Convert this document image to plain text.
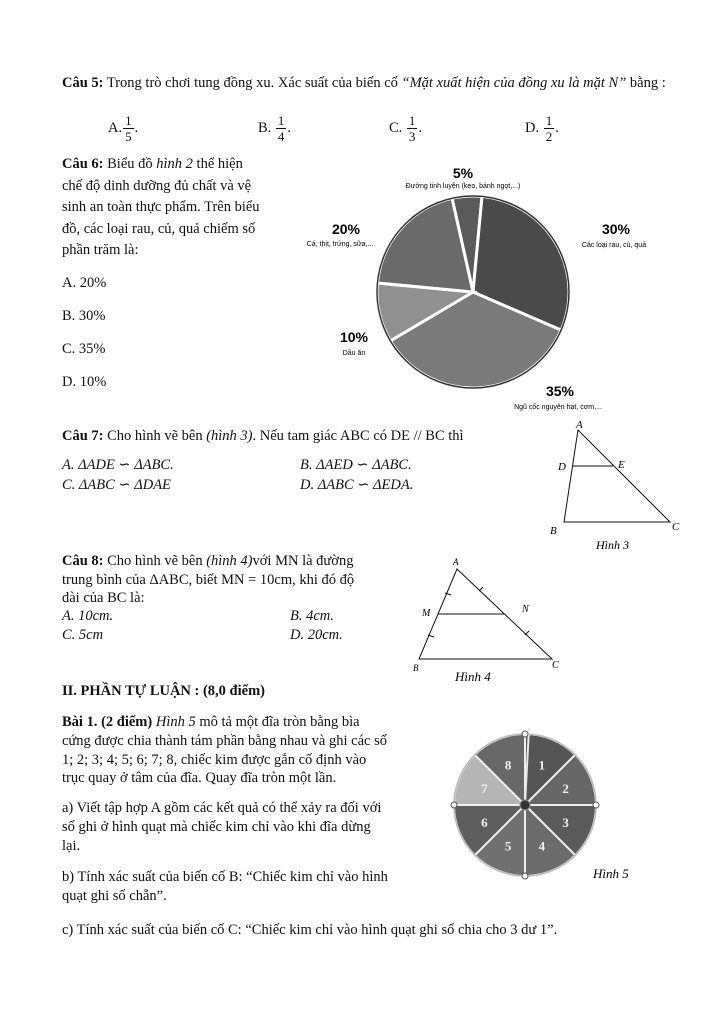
Câu 5: Trong trò chơi tung đồng xu. Xác suất của biến cố “Mặt xuất hiện của đồng xu là mặt N” bằng :
A. $\frac{1}{5}$ .	B. $\frac{1}{4}$ .	C. $\frac{1}{3}$ .	D. $\frac{1}{2}$ .
Câu 6: Biểu đồ hình 2 thể hiện
chế độ dinh dưỡng đủ chất và vệ
sinh an toàn thực phẩm. Trên biểu
đồ, các loại rau, củ, quả chiếm số
phần trăm là:
A. 20%
B. 30%
C. 35%
D. 10%
5%
Đường tinh luyện (kẹo, bánh ngọt,...)
30%
Các loại rau, củ, quả
35%
Ngũ cốc nguyên hạt, cơm,...
10%
Dầu ăn
20%
Cá, thịt, trứng, sữa,...
Câu 7: Cho hình vẽ bên (hình 3). Nếu tam giác ABC có DE // BC thì
A. ΔADE ∽ ΔABC.	B. ΔAED ∽ ΔABC.
C. ΔABC ∽ ΔDAE	D. ΔABC ∽ ΔEDA.
A
D	E
B	C
Hình 3
Câu 8: Cho hình vẽ bên (hình 4)với MN là đường
trung bình của ΔABC, biết MN = 10cm, khi đó độ
dài của BC là:
A. 10cm.	B. 4cm.
C. 5cm	D. 20cm.
A
M	N
B	C
Hình 4
II. PHẦN TỰ LUẬN : (8,0 điểm)
Bài 1. (2 điểm) Hình 5 mô tả một đĩa tròn bằng bìa
cứng được chia thành tám phần bằng nhau và ghi các số
1; 2; 3; 4; 5; 6; 7; 8, chiếc kim được gắn cố định vào
trục quay ở tâm của đĩa. Quay đĩa tròn một lần.
a) Viết tập hợp A gồm các kết quả có thể xảy ra đối với
số ghi ở hình quạt mà chiếc kim chỉ vào khi đĩa dừng
lại.
b) Tính xác suất của biến cố B: “Chiếc kim chỉ vào hình
quạt ghi số chẵn”.
c) Tính xác suất của biến cố C: “Chiếc kim chỉ vào hình quạt ghi số chia cho 3 dư 1”.
1
2
3
4
5
6
7
8
Hình 5
